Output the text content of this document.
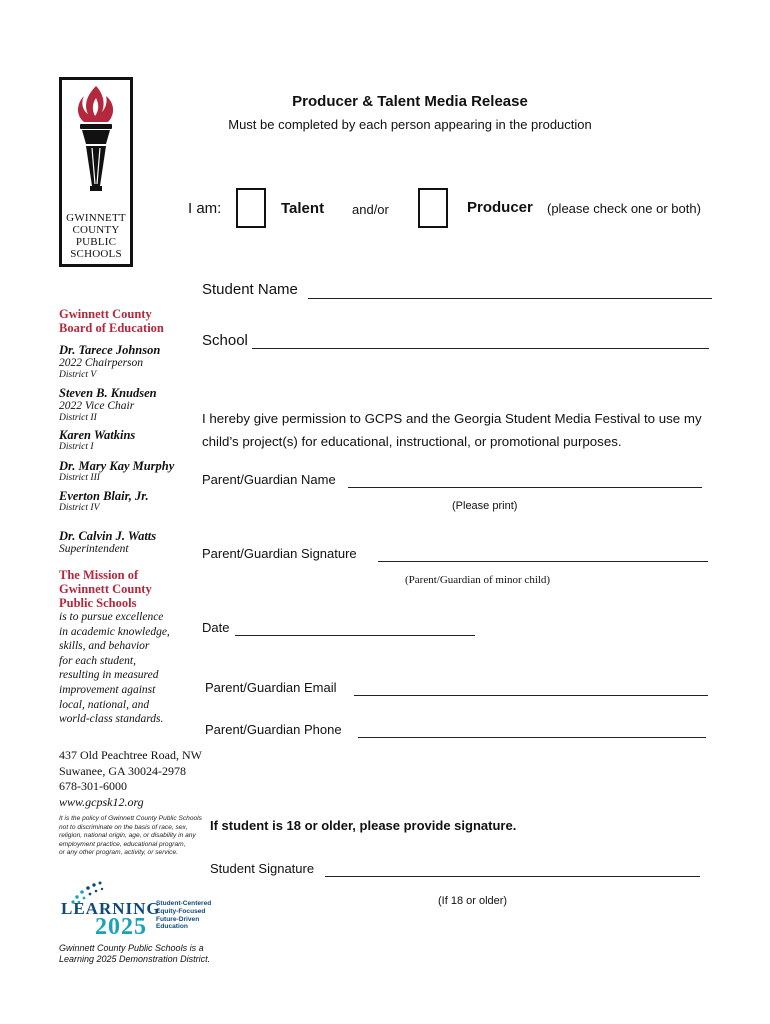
GWINNETT
COUNTY
PUBLIC
SCHOOLS
Gwinnett County
Board of Education
Dr. Tarece Johnson
2022 Chairperson
District V
Steven B. Knudsen
2022 Vice Chair
District II
Karen Watkins
District I
Dr. Mary Kay Murphy
District III
Everton Blair, Jr.
District IV
Dr. Calvin J. Watts
Superintendent
The Mission of
Gwinnett County
Public Schools
is to pursue excellence
in academic knowledge,
skills, and behavior
for each student,
resulting in measured
improvement against
local, national, and
world-class standards.
437 Old Peachtree Road, NW
Suwanee, GA 30024-2978
678-301-6000
www.gcpsk12.org
It is the policy of Gwinnett County Public Schools
not to discriminate on the basis of race, sex,
religion, national origin, age, or disability in any
employment practice, educational program,
or any other program, activity, or service.
LEARNING
2025
Student-Centered
Equity-Focused
Future-Driven
Education
Gwinnett County Public Schools is a
Learning 2025 Demonstration District.
Producer & Talent Media Release
Must be completed by each person appearing in the production
I am:	Talent and/or	Producer (please check one or both)
Student Name
School
I hereby give permission to GCPS and the Georgia Student Media Festival to use my
child’s project(s) for educational, instructional, or promotional purposes.
Parent/Guardian Name
(Please print)
Parent/Guardian Signature
(Parent/Guardian of minor child)
Date
Parent/Guardian Email
Parent/Guardian Phone
If student is 18 or older, please provide signature.
Student Signature
(If 18 or older)
